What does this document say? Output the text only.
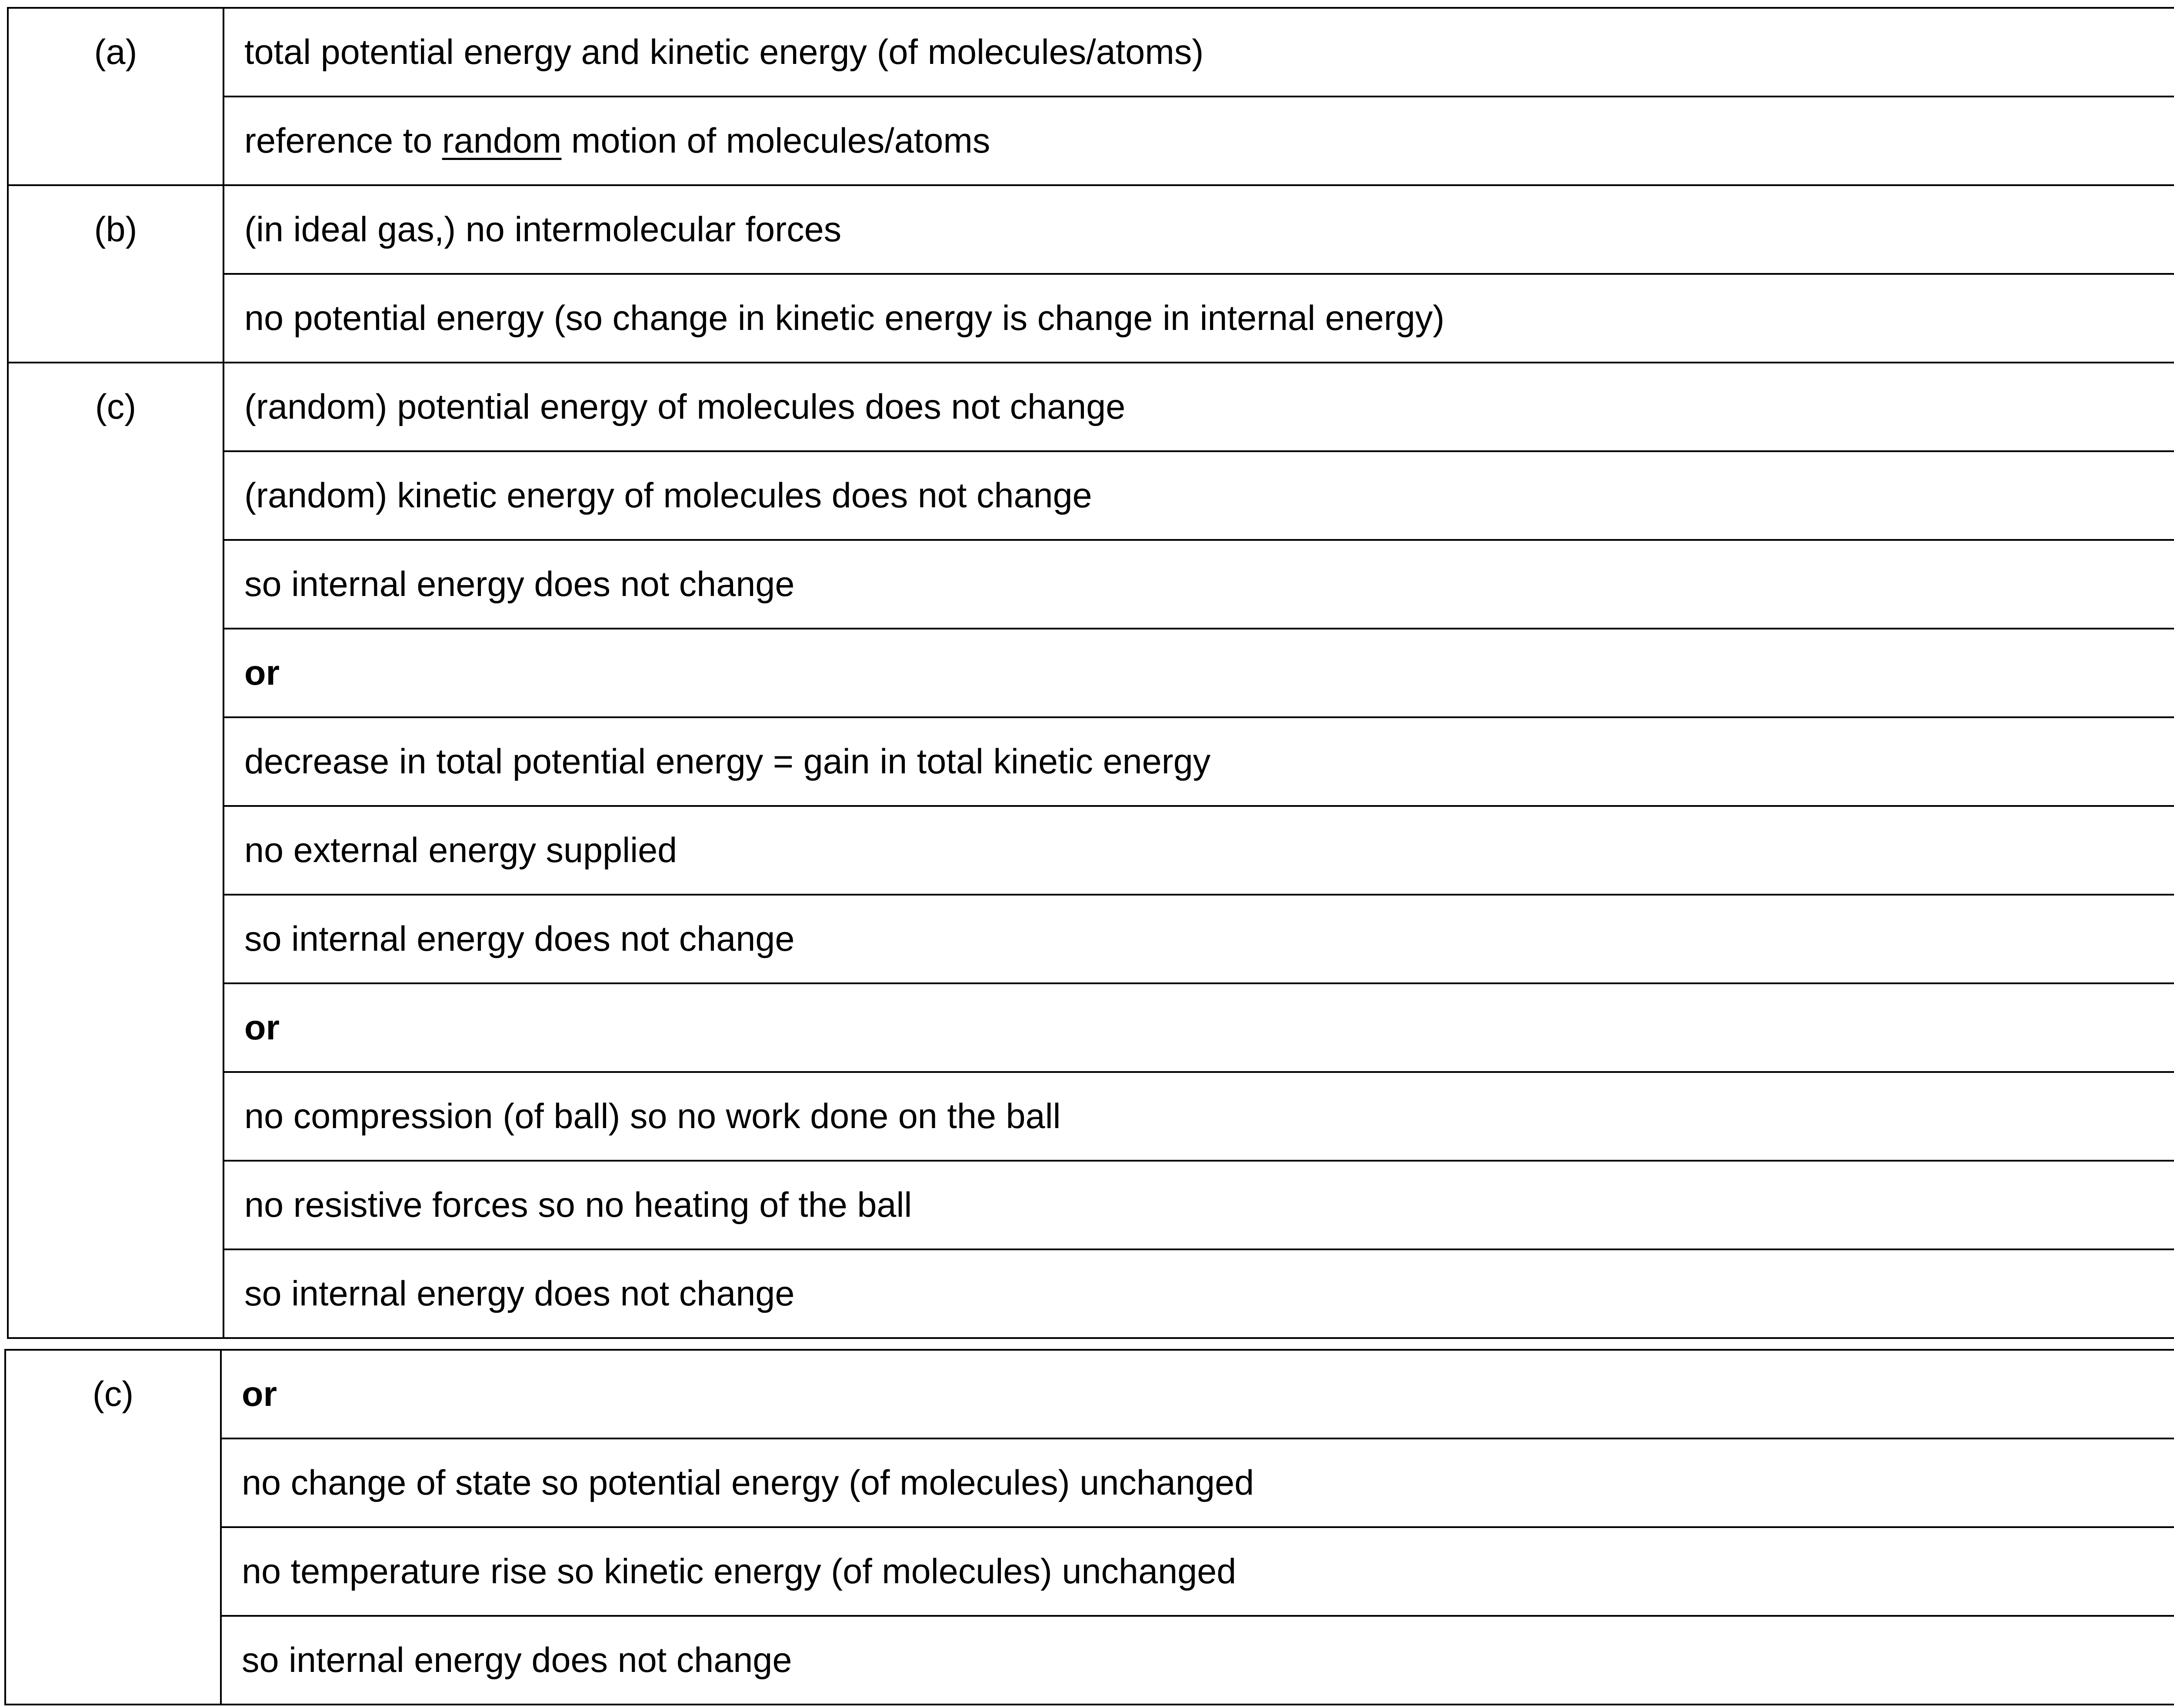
(a)	total potential energy and kinetic energy (of molecules/atoms)	
	reference to random motion of molecules/atoms	
(b)	(in ideal gas,) no intermolecular forces	
	no potential energy (so change in kinetic energy is change in internal energy)	
(c)	(random) potential energy of molecules does not change	
	(random) kinetic energy of molecules does not change	
	so internal energy does not change	
	or	
	decrease in total potential energy = gain in total kinetic energy	
	no external energy supplied	
	so internal energy does not change	
	or	
	no compression (of ball) so no work done on the ball	
	no resistive forces so no heating of the ball	
	so internal energy does not change	
(c)	or	
	no change of state so potential energy (of molecules) unchanged	
	no temperature rise so kinetic energy (of molecules) unchanged	
	so internal energy does not change	
